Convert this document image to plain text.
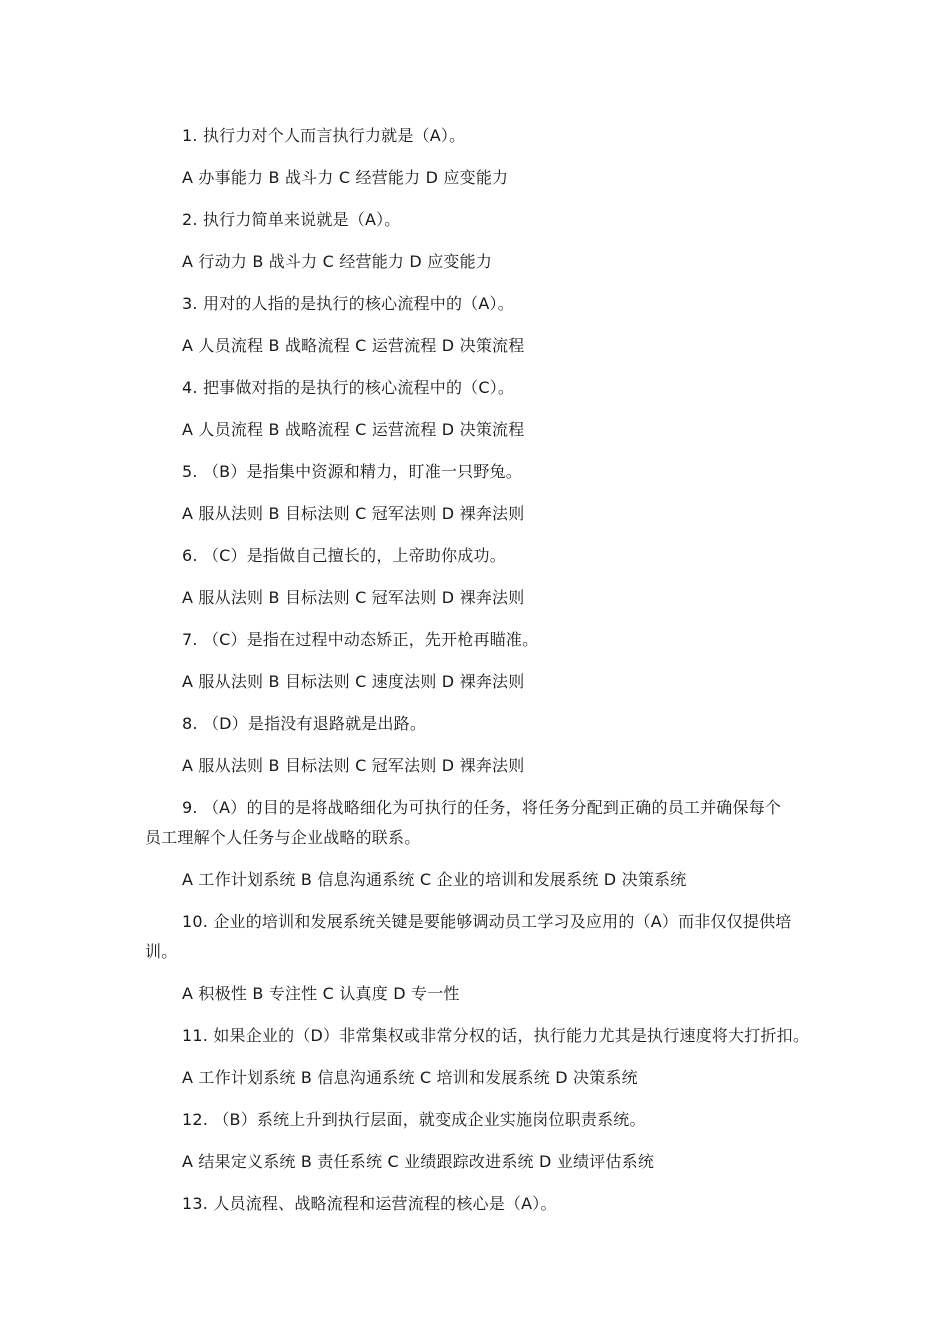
1. 执行力对个人而言执行力就是（A）。
A 办事能力 B 战斗力 C 经营能力 D 应变能力
2. 执行力简单来说就是（A）。
A 行动力 B 战斗力 C 经营能力 D 应变能力
3. 用对的人指的是执行的核心流程中的（A）。
A 人员流程 B 战略流程 C 运营流程 D 决策流程
4. 把事做对指的是执行的核心流程中的（C）。
A 人员流程 B 战略流程 C 运营流程 D 决策流程
5. （B）是指集中资源和精力，盯准一只野兔。
A 服从法则 B 目标法则 C 冠军法则 D 裸奔法则
6. （C）是指做自己擅长的，上帝助你成功。
A 服从法则 B 目标法则 C 冠军法则 D 裸奔法则
7. （C）是指在过程中动态矫正，先开枪再瞄准。
A 服从法则 B 目标法则 C 速度法则 D 裸奔法则
8. （D）是指没有退路就是出路。
A 服从法则 B 目标法则 C 冠军法则 D 裸奔法则
9. （A）的目的是将战略细化为可执行的任务，将任务分配到正确的员工并确保每个
员工理解个人任务与企业战略的联系。
A 工作计划系统 B 信息沟通系统 C 企业的培训和发展系统 D 决策系统
10. 企业的培训和发展系统关键是要能够调动员工学习及应用的（A）而非仅仅提供培
训。
A 积极性 B 专注性 C 认真度 D 专一性
11. 如果企业的（D）非常集权或非常分权的话，执行能力尤其是执行速度将大打折扣。
A 工作计划系统 B 信息沟通系统 C 培训和发展系统 D 决策系统
12. （B）系统上升到执行层面，就变成企业实施岗位职责系统。
A 结果定义系统 B 责任系统 C 业绩跟踪改进系统 D 业绩评估系统
13. 人员流程、战略流程和运营流程的核心是（A）。
